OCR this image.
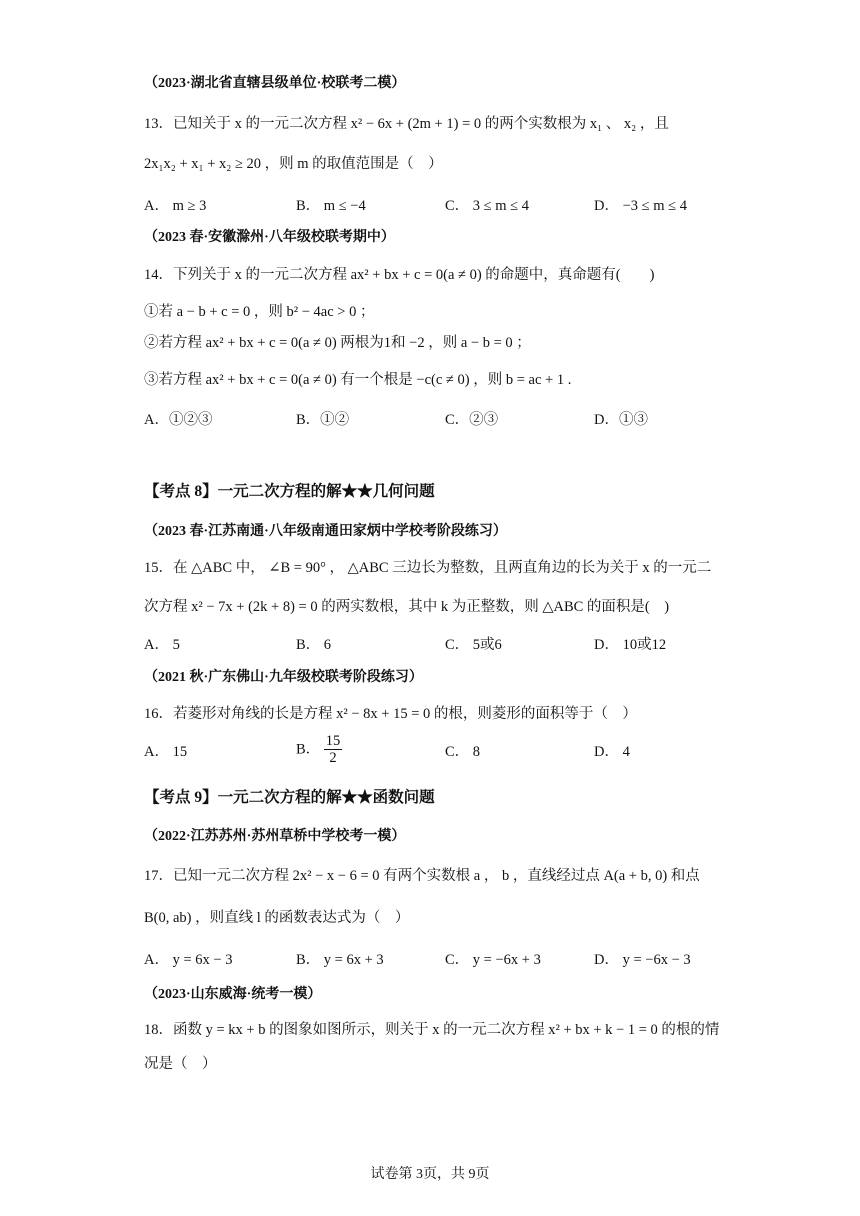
（2023·湖北省直辖县级单位·校联考二模）
13．已知关于 x 的一元二次方程 x² − 6x + (2m + 1) = 0 的两个实数根为 x₁ 、 x₂ ，且
2x₁x₂ + x₁ + x₂ ≥ 20 ，则 m 的取值范围是（　）
A． m ≥ 3	B． m ≤ −4	C． 3 ≤ m ≤ 4	D． −3 ≤ m ≤ 4
（2023 春·安徽滁州·八年级校联考期中）
14．下列关于 x 的一元二次方程 ax² + bx + c = 0(a ≠ 0) 的命题中，真命题有(　　)
①若 a − b + c = 0 ，则 b² − 4ac > 0 ；
②若方程 ax² + bx + c = 0(a ≠ 0) 两根为1和 −2 ，则 a − b = 0 ；
③若方程 ax² + bx + c = 0(a ≠ 0) 有一个根是 −c(c ≠ 0) ，则 b = ac + 1 .
A．①②③	B．①②	C．②③	D．①③
【考点 8】一元二次方程的解★★几何问题
（2023 春·江苏南通·八年级南通田家炳中学校考阶段练习）
15．在 △ABC 中， ∠B = 90° ， △ABC 三边长为整数，且两直角边的长为关于 x 的一元二
次方程 x² − 7x + (2k + 8) = 0 的两实数根，其中 k 为正整数，则 △ABC 的面积是(　)
A． 5	B． 6	C． 5或6	D． 10或12
（2021 秋·广东佛山·九年级校联考阶段练习）
16．若菱形对角线的长是方程 x² − 8x + 15 = 0 的根，则菱形的面积等于（　）
A． 15	B． $\frac{15}{2}$	C． 8	D． 4
【考点 9】一元二次方程的解★★函数问题
（2022·江苏苏州·苏州草桥中学校考一模）
17．已知一元二次方程 2x² − x − 6 = 0 有两个实数根 a ， b ，直线经过点 A(a + b, 0) 和点
B(0, ab) ，则直线 l 的函数表达式为（　）
A． y = 6x − 3	B． y = 6x + 3	C． y = −6x + 3	D． y = −6x − 3
（2023·山东威海·统考一模）
18．函数 y = kx + b 的图象如图所示，则关于 x 的一元二次方程 x² + bx + k − 1 = 0 的根的情
况是（　）
试卷第 3页，共 9页
